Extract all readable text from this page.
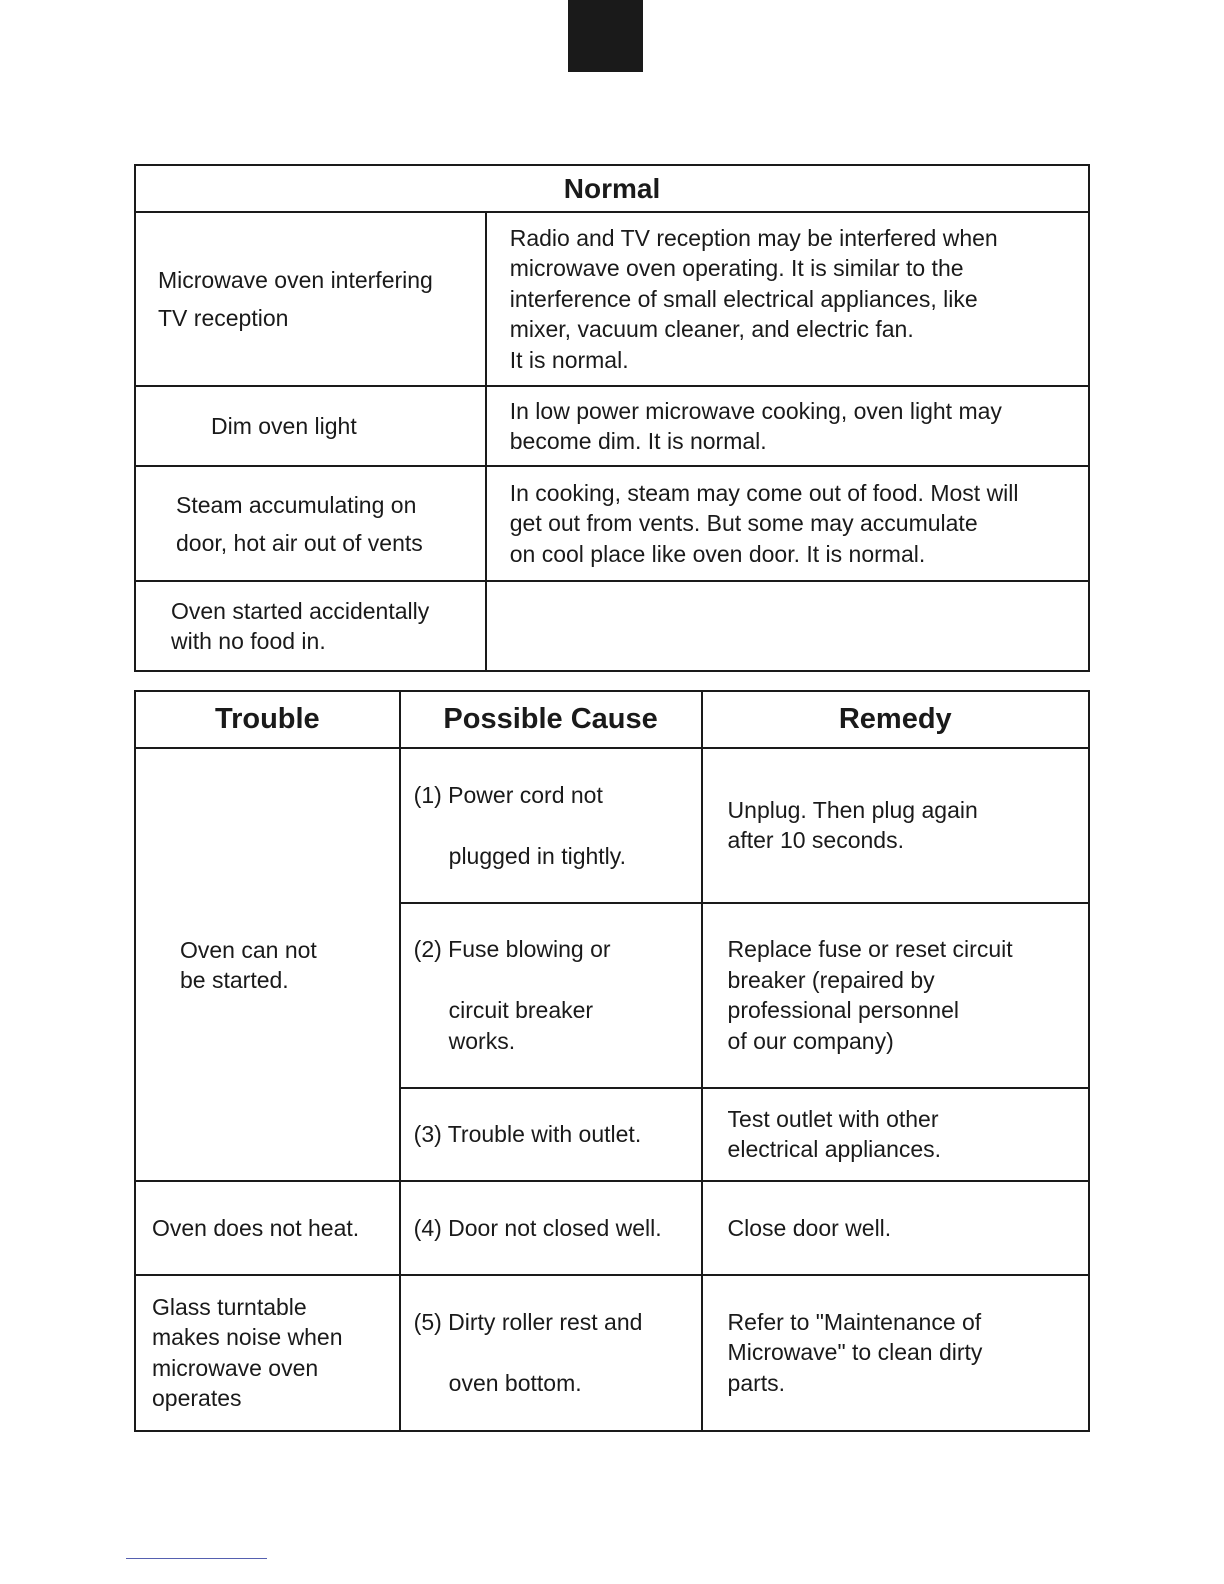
Normal	

Microwave oven interfering
TV reception	Radio and TV reception may be interfered when
microwave oven operating. It is similar to the
interference of small electrical appliances, like
mixer, vacuum cleaner, and electric fan.
It is normal.

Dim oven light	In low power microwave cooking, oven light may
become dim. It is normal.

Steam accumulating on
door, hot air out of vents	In cooking, steam may come out of food. Most will
get out from vents. But some may accumulate
on cool place like oven door. It is normal.

Oven started accidentally
with no food in.	

Trouble	Possible Cause	Remedy

Oven can not
be started.	(1) Power cord not

plugged in tightly.	Unplug. Then plug again
after 10 seconds.

	(2) Fuse blowing or

circuit breaker
works.	Replace fuse or reset circuit
breaker (repaired by
professional personnel
of our company)

	(3) Trouble with outlet.	Test outlet with other
electrical appliances.

Oven does not heat.	(4) Door not closed well.	Close door well.

Glass turntable
makes noise when
microwave oven
operates	(5) Dirty roller rest and

oven bottom.	Refer to "Maintenance of
Microwave" to clean dirty
parts.
